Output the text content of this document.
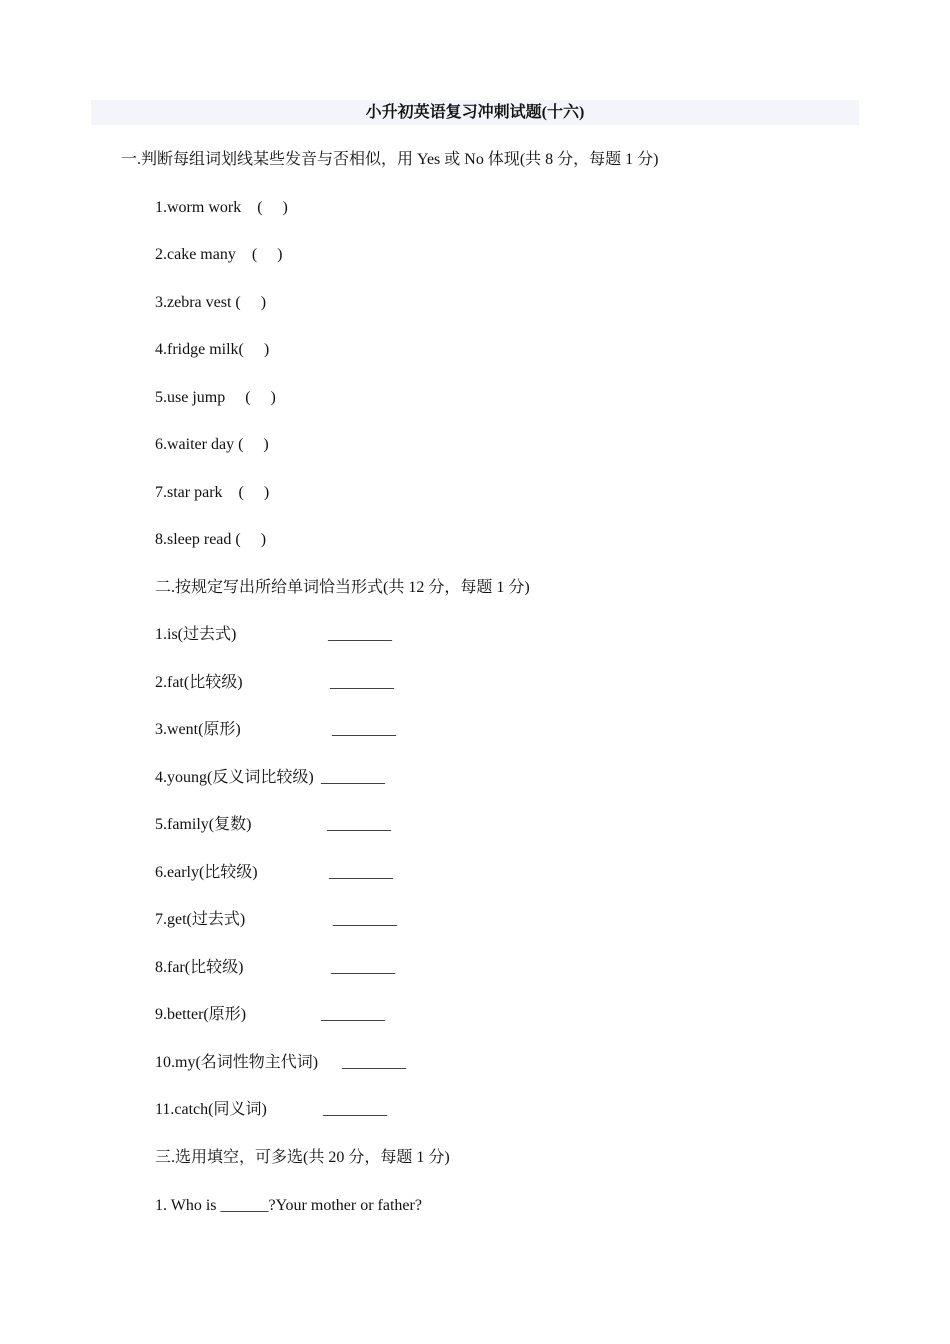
小升初英语复习冲刺试题(十六)
一.判断每组词划线某些发音与否相似，用 Yes 或 No 体现(共 8 分，每题 1 分)
1.worm work    (     )
2.cake many    (     )
3.zebra vest (     )
4.fridge milk(     )
5.use jump     (     )
6.waiter day (     )
7.star park    (     )
8.sleep read (     )
二.按规定写出所给单词恰当形式(共 12 分，每题 1 分)
1.is(过去式)	________
2.fat(比较级)	________
3.went(原形)	________
4.young(反义词比较级) ________
5.family(复数)	________
6.early(比较级)	________
7.get(过去式)	________
8.far(比较级)	________
9.better(原形)	________
10.my(名词性物主代词) ________
11.catch(同义词)	________
三.选用填空，可多选(共 20 分，每题 1 分)
1. Who is ______?Your mother or father?
